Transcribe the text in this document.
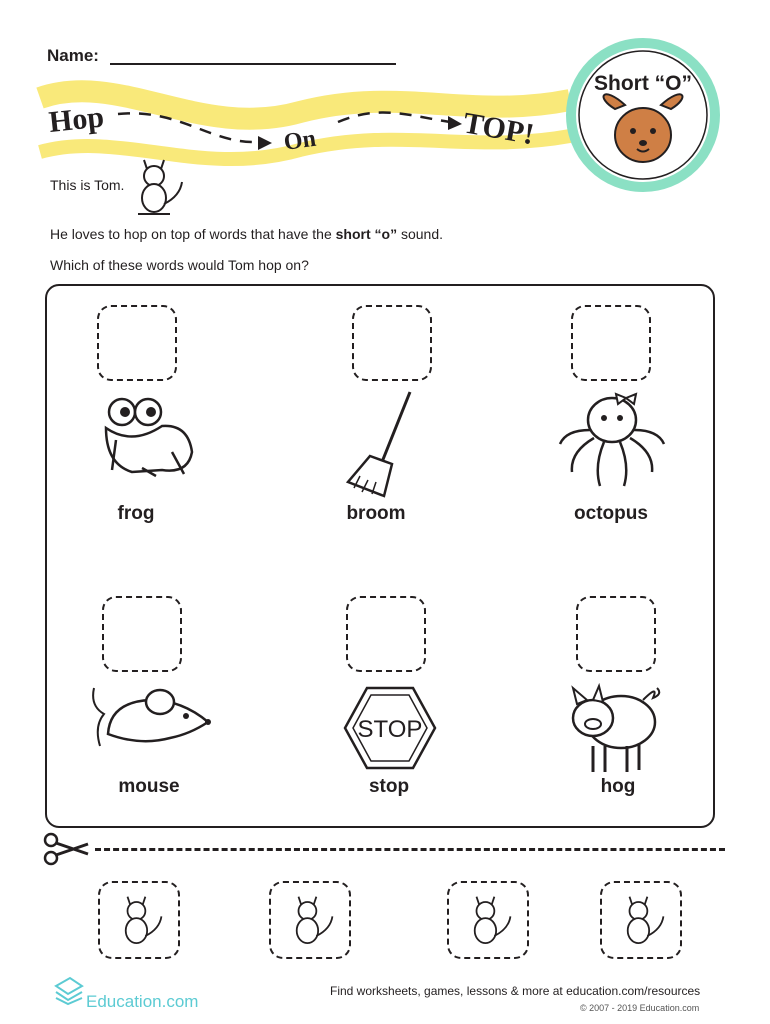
Name:
Hop
On	TOP!
Short “O”
This is Tom.
He loves to hop on top of words that have the short “o” sound.
Which of these words would Tom hop on?
frog	broom	octopus
STOP
mouse	stop	hog
Education.com
Find worksheets, games, lessons & more at education.com/resources
© 2007 - 2019 Education.com
